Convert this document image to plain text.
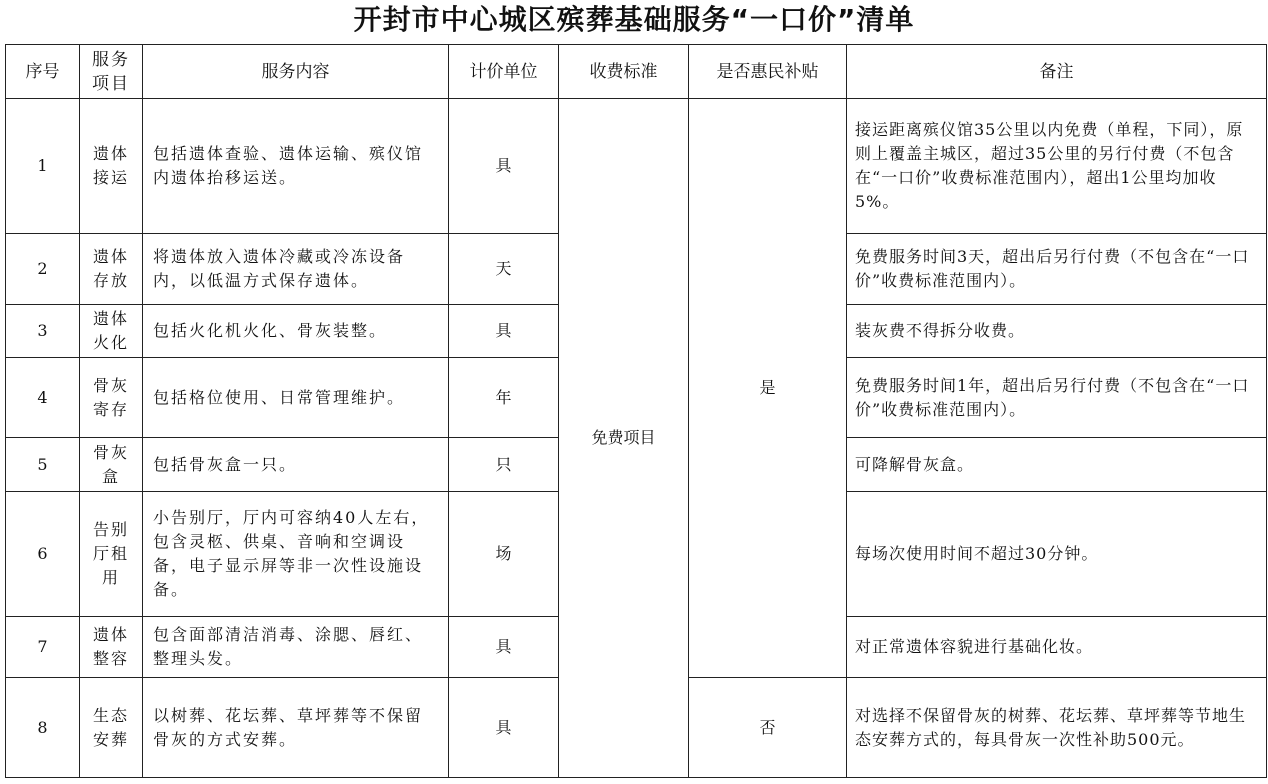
开封市中心城区殡葬基础服务“一口价”清单
序号	服务项目	服务内容	计价单位	收费标准	是否惠民补贴	备注
1	遗体接运	包括遗体查验、遗体运输、殡仪馆内遗体抬移运送。	具	免费项目	是	接运距离殡仪馆35公里以内免费（单程，下同），原则上覆盖主城区，超过35公里的另行付费（不包含在“一口价”收费标准范围内），超出1公里均加收5%。
2	遗体存放	将遗体放入遗体冷藏或冷冻设备内，以低温方式保存遗体。	天			免费服务时间3天，超出后另行付费（不包含在“一口价”收费标准范围内）。
3	遗体火化	包括火化机火化、骨灰装整。	具			装灰费不得拆分收费。
4	骨灰寄存	包括格位使用、日常管理维护。	年			免费服务时间1年，超出后另行付费（不包含在“一口价”收费标准范围内）。
5	骨灰盒	包括骨灰盒一只。	只			可降解骨灰盒。
6	告别厅租用	小告别厅，厅内可容纳40人左右，包含灵柩、供桌、音响和空调设备，电子显示屏等非一次性设施设备。	场			每场次使用时间不超过30分钟。
7	遗体整容	包含面部清洁消毒、涂腮、唇红、整理头发。	具			对正常遗体容貌进行基础化妆。
8	生态安葬	以树葬、花坛葬、草坪葬等不保留骨灰的方式安葬。	具		否	对选择不保留骨灰的树葬、花坛葬、草坪葬等节地生态安葬方式的，每具骨灰一次性补助500元。
